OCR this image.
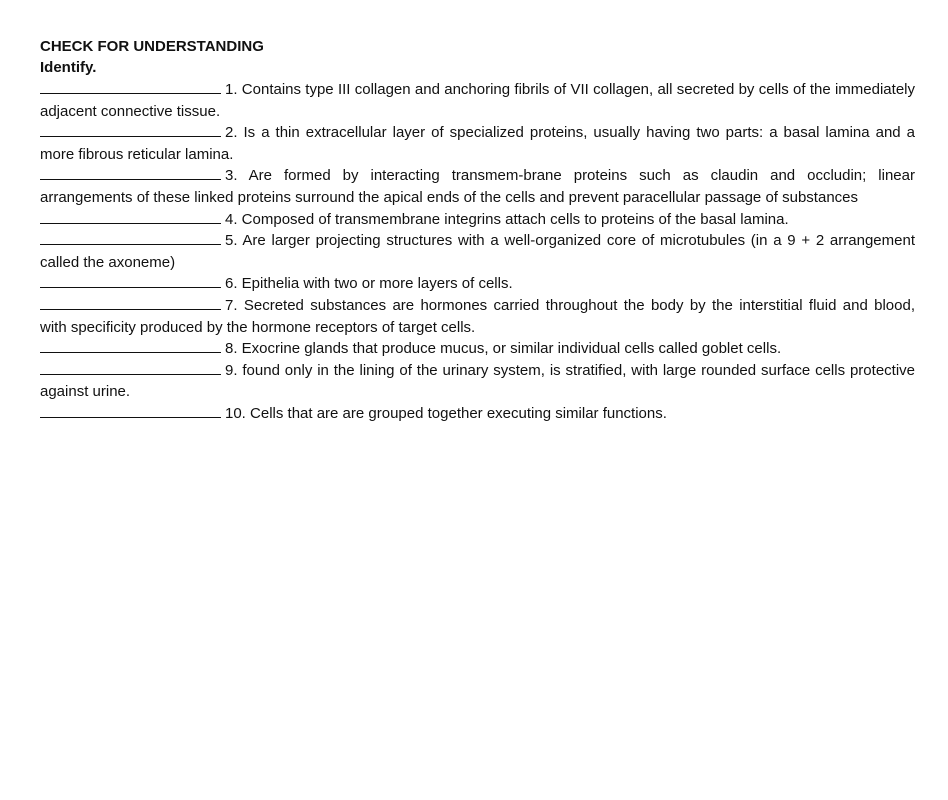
CHECK FOR UNDERSTANDING

Identify.

1. Contains type III collagen and anchoring fibrils of VII collagen, all secreted by cells of the immediately adjacent connective tissue.
2. Is a thin extracellular layer of specialized proteins, usually having two parts: a basal lamina and a more fibrous reticular lamina.
3. Are formed by interacting transmem-brane proteins such as claudin and occludin; linear arrangements of these linked proteins surround the apical ends of the cells and prevent paracellular passage of substances
4. Composed of transmembrane integrins attach cells to proteins of the basal lamina.
5. Are larger projecting structures with a well-organized core of microtubules (in a 9 + 2 arrangement called the axoneme)
6. Epithelia with two or more layers of cells.
7. Secreted substances are hormones carried throughout the body by the interstitial fluid and blood, with specificity produced by the hormone receptors of target cells.
8. Exocrine glands that produce mucus, or similar individual cells called goblet cells.
9. found only in the lining of the urinary system, is stratified, with large rounded surface cells protective against urine.
10. Cells that are are grouped together executing similar functions.
